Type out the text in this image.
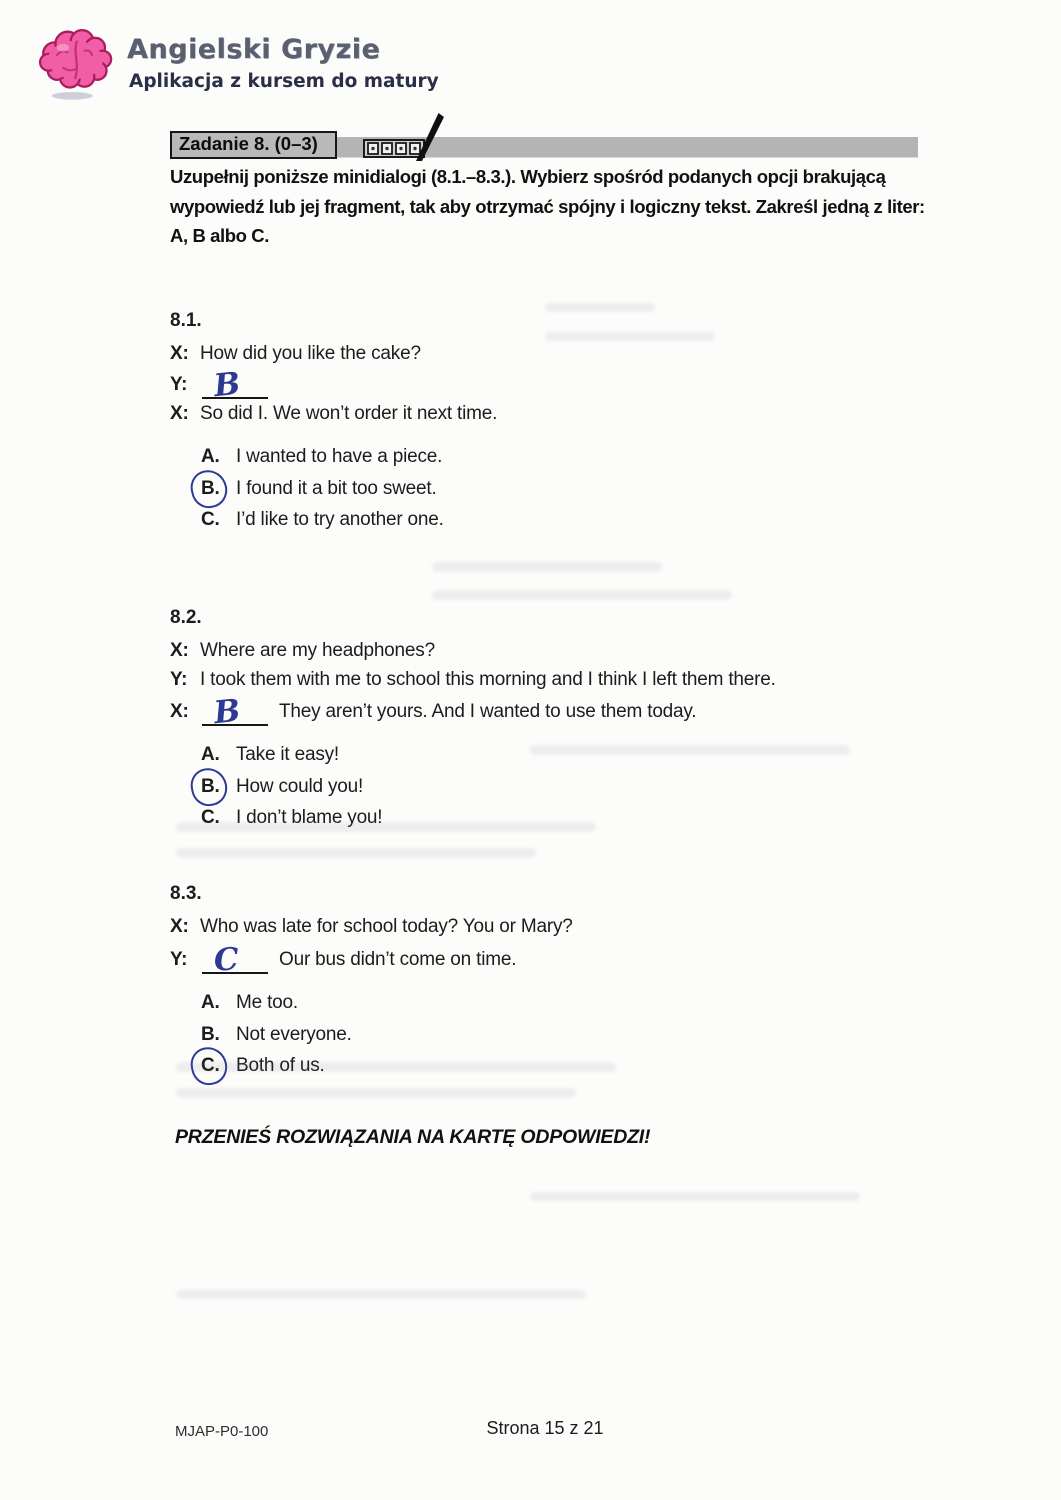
Angielski Gryzie
Aplikacja z kursem do matury
Zadanie 8. (0–3)
Uzupełnij poniższe minidialogi (8.1.–8.3.). Wybierz spośród podanych opcji brakującą wypowiedź lub jej fragment, tak aby otrzymać spójny i logiczny tekst. Zakreśl jedną z liter: A, B albo C.
8.1.
X: How did you like the cake?
Y: B
X: So did I. We won’t order it next time.
A. I wanted to have a piece.
B. I found it a bit too sweet.
C. I’d like to try another one.
8.2.
X: Where are my headphones?
Y: I took them with me to school this morning and I think I left them there.
X: B They aren’t yours. And I wanted to use them today.
A. Take it easy!
B. How could you!
C. I don’t blame you!
8.3.
X: Who was late for school today? You or Mary?
Y: C Our bus didn’t come on time.
A. Me too.
B. Not everyone.
C. Both of us.
PRZENIEŚ ROZWIĄZANIA NA KARTĘ ODPOWIEDZI!
MJAP-P0-100	Strona 15 z 21
